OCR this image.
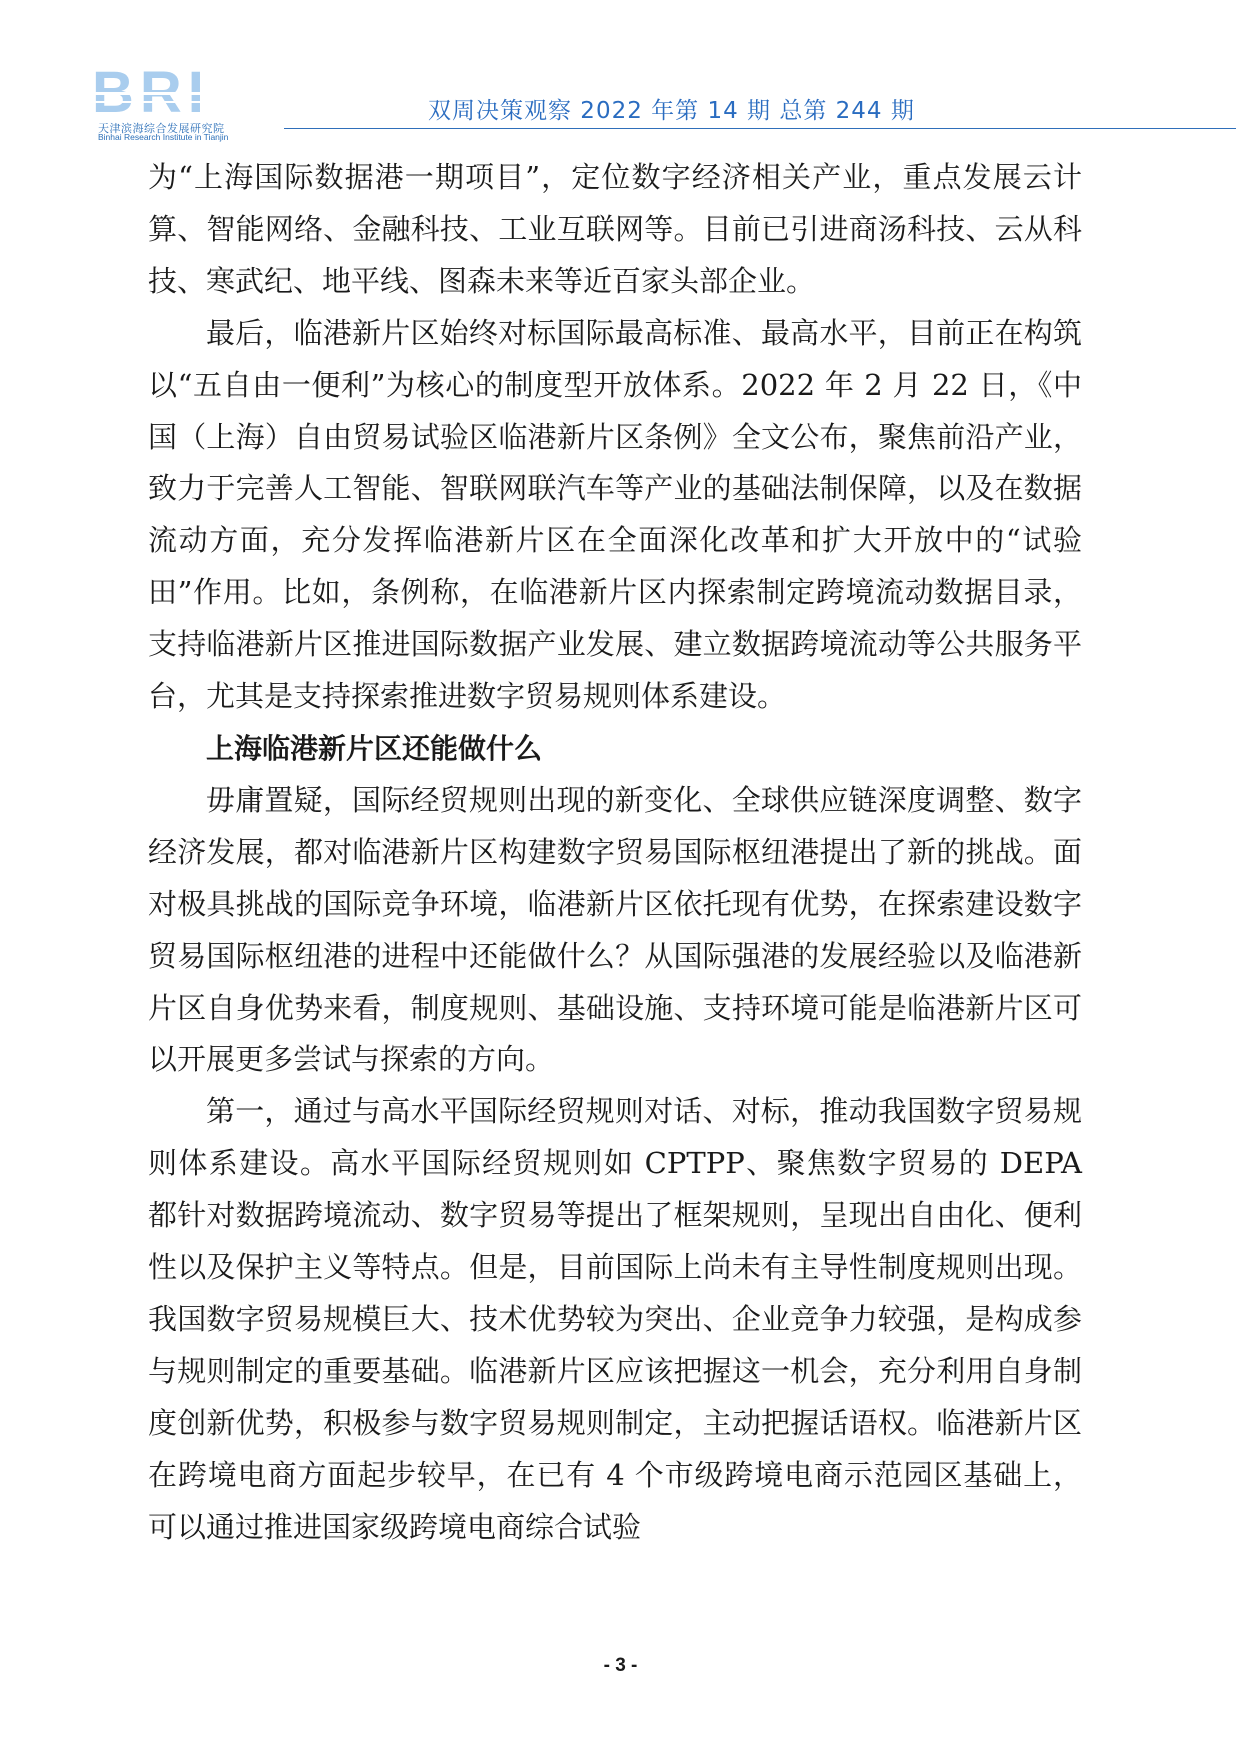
天津滨海综合发展研究院
Binhai Research Institute in Tianjin
双周决策观察 2022 年第 14 期 总第 244 期

为“上海国际数据港一期项目”，定位数字经济相关产业，重点发展云计算、智能网络、金融科技、工业互联网等。目前已引进商汤科技、云从科技、寒武纪、地平线、图森未来等近百家头部企业。

最后，临港新片区始终对标国际最高标准、最高水平，目前正在构筑以“五自由一便利”为核心的制度型开放体系。2022 年 2 月 22 日，《中国（上海）自由贸易试验区临港新片区条例》全文公布，聚焦前沿产业，致力于完善人工智能、智联网联汽车等产业的基础法制保障，以及在数据流动方面，充分发挥临港新片区在全面深化改革和扩大开放中的“试验田”作用。比如，条例称，在临港新片区内探索制定跨境流动数据目录，支持临港新片区推进国际数据产业发展、建立数据跨境流动等公共服务平台，尤其是支持探索推进数字贸易规则体系建设。

上海临港新片区还能做什么

毋庸置疑，国际经贸规则出现的新变化、全球供应链深度调整、数字经济发展，都对临港新片区构建数字贸易国际枢纽港提出了新的挑战。面对极具挑战的国际竞争环境，临港新片区依托现有优势，在探索建设数字贸易国际枢纽港的进程中还能做什么？从国际强港的发展经验以及临港新片区自身优势来看，制度规则、基础设施、支持环境可能是临港新片区可以开展更多尝试与探索的方向。

第一，通过与高水平国际经贸规则对话、对标，推动我国数字贸易规则体系建设。高水平国际经贸规则如 CPTPP、聚焦数字贸易的 DEPA 都针对数据跨境流动、数字贸易等提出了框架规则，呈现出自由化、便利性以及保护主义等特点。但是，目前国际上尚未有主导性制度规则出现。我国数字贸易规模巨大、技术优势较为突出、企业竞争力较强，是构成参与规则制定的重要基础。临港新片区应该把握这一机会，充分利用自身制度创新优势，积极参与数字贸易规则制定，主动把握话语权。临港新片区在跨境电商方面起步较早，在已有 4 个市级跨境电商示范园区基础上，可以通过推进国家级跨境电商综合试验

- 3 -
